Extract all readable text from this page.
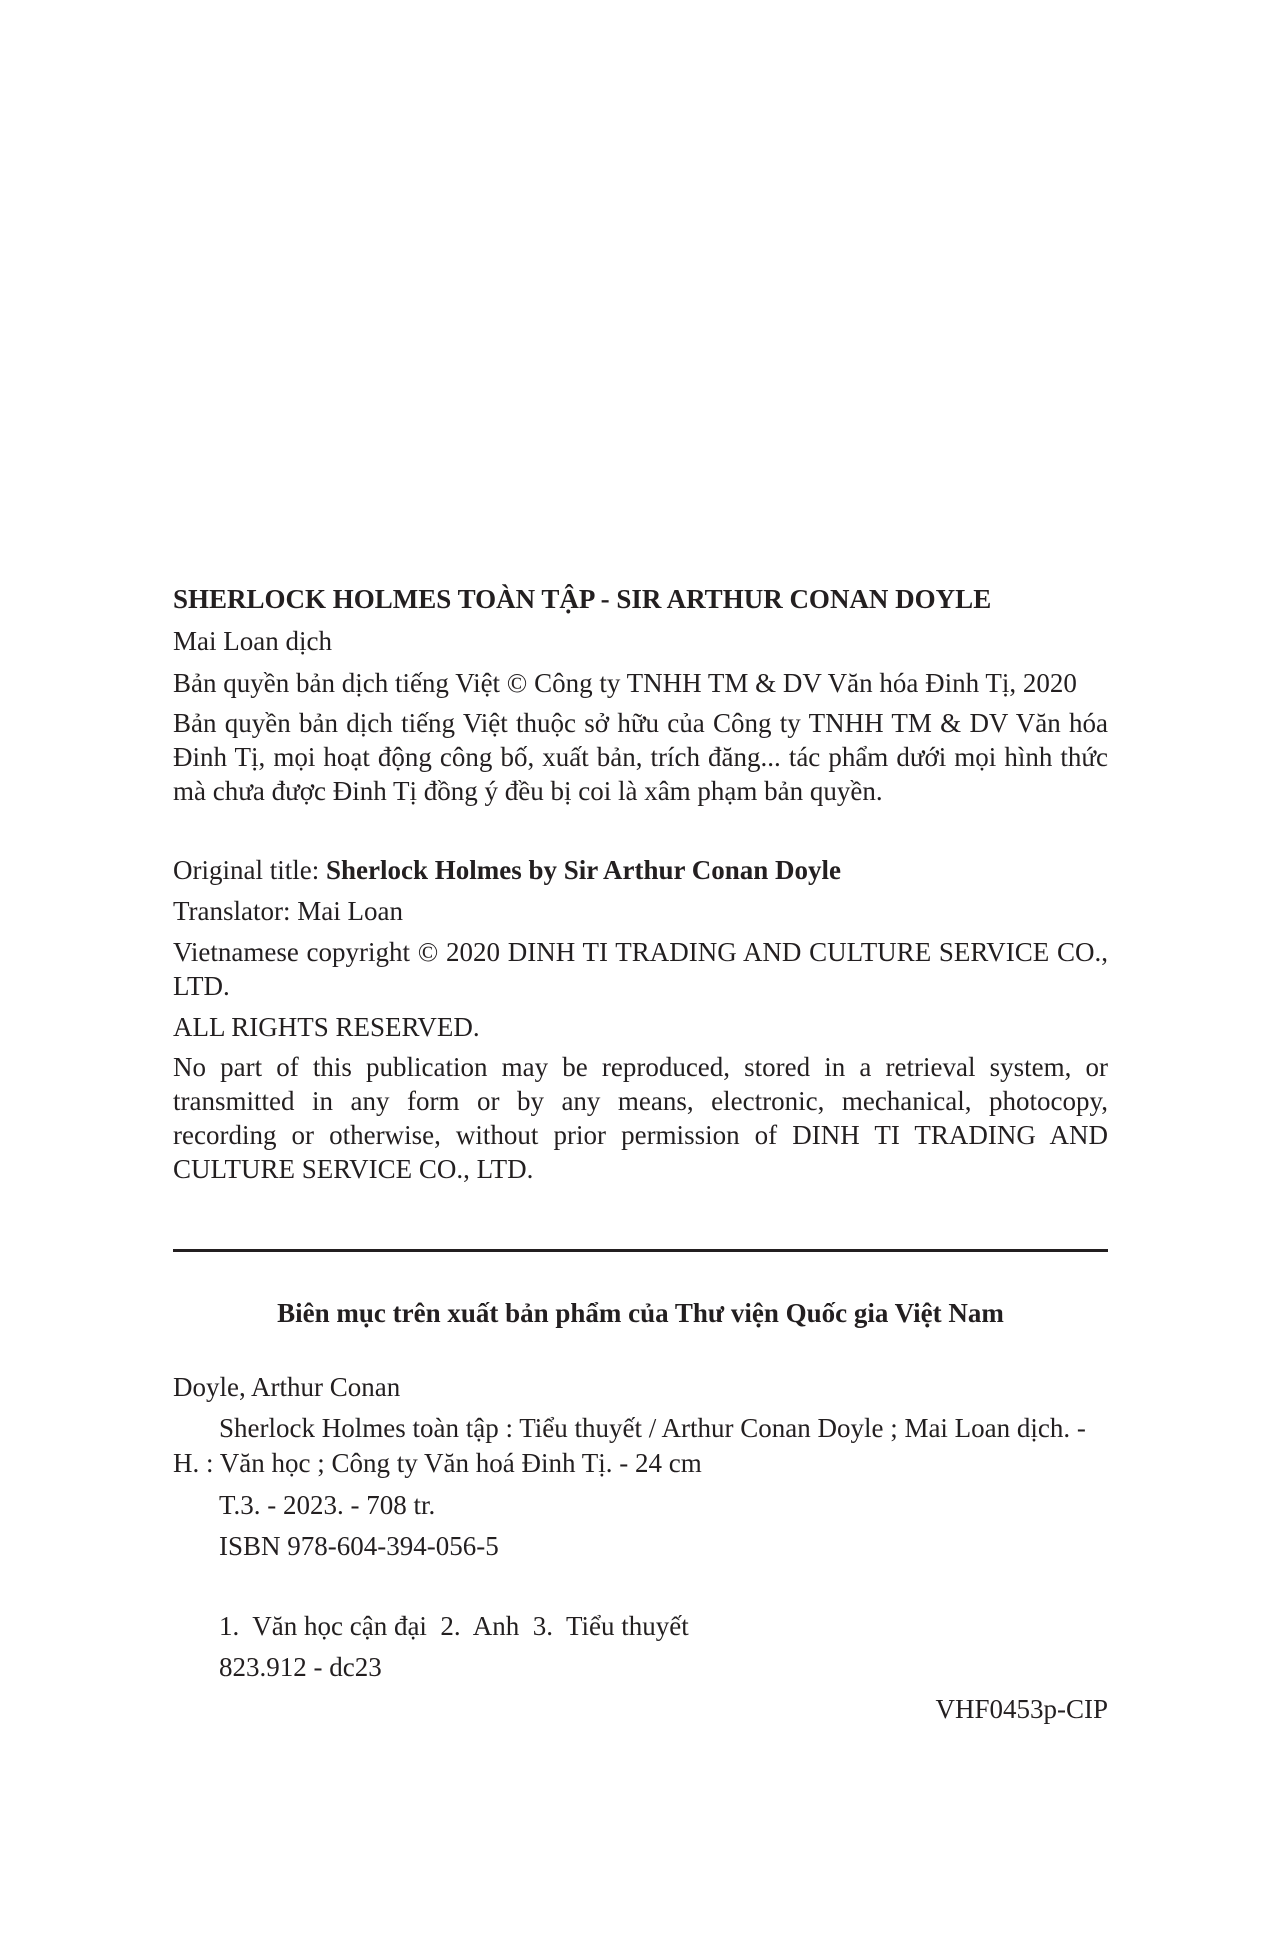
SHERLOCK HOLMES TOÀN TẬP - SIR ARTHUR CONAN DOYLE
Mai Loan dịch
Bản quyền bản dịch tiếng Việt © Công ty TNHH TM & DV Văn hóa Đinh Tị, 2020
Bản quyền bản dịch tiếng Việt thuộc sở hữu của Công ty TNHH TM & DV Văn hóa Đinh Tị, mọi hoạt động công bố, xuất bản, trích đăng... tác phẩm dưới mọi hình thức mà chưa được Đinh Tị đồng ý đều bị coi là xâm phạm bản quyền.
Original title: Sherlock Holmes by Sir Arthur Conan Doyle
Translator: Mai Loan
Vietnamese copyright © 2020 DINH TI TRADING AND CULTURE SERVICE CO., LTD.
ALL RIGHTS RESERVED.
No part of this publication may be reproduced, stored in a retrieval system, or transmitted in any form or by any means, electronic, mechanical, photocopy, recording or otherwise, without prior permission of DINH TI TRADING AND CULTURE SERVICE CO., LTD.
Biên mục trên xuất bản phẩm của Thư viện Quốc gia Việt Nam
Doyle, Arthur Conan
Sherlock Holmes toàn tập : Tiểu thuyết / Arthur Conan Doyle ; Mai Loan dịch. -
H. : Văn học ; Công ty Văn hoá Đinh Tị. - 24 cm
T.3. - 2023. - 708 tr.
ISBN 978-604-394-056-5
1.  Văn học cận đại  2.  Anh  3.  Tiểu thuyết
823.912 - dc23
VHF0453p-CIP
